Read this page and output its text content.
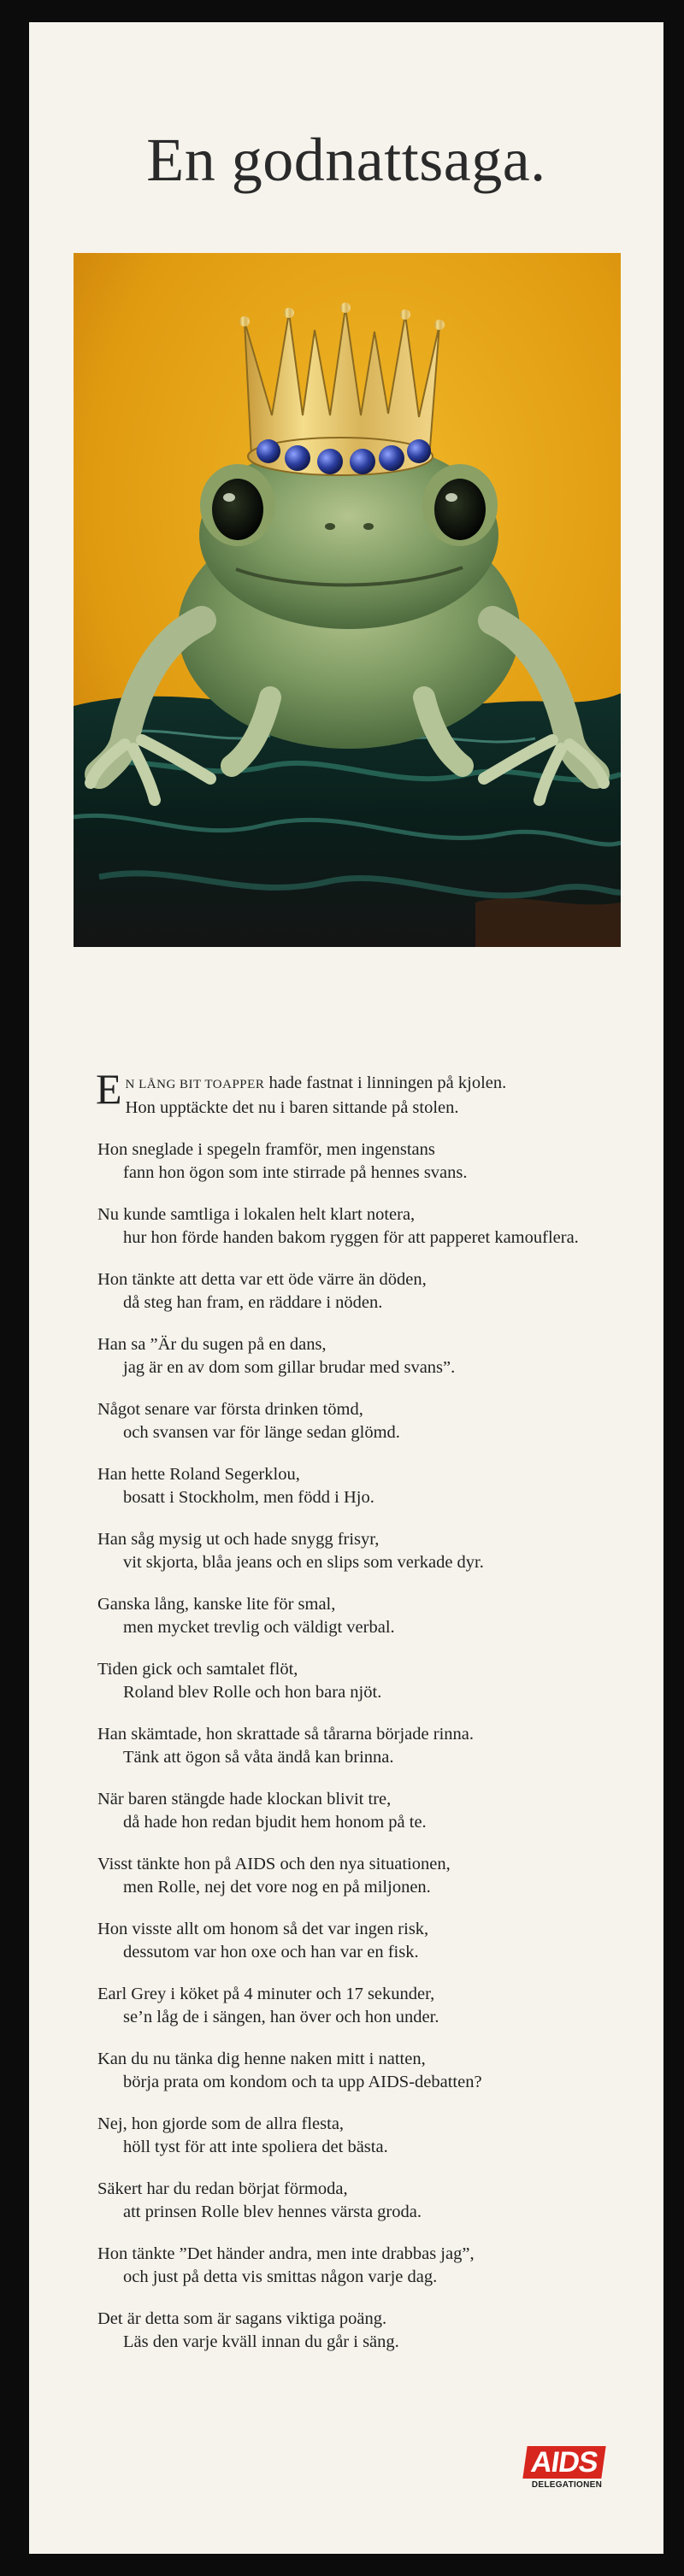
En godnattsaga.

E N LÅNG BIT TOAPPER hade fastnat i linningen på kjolen.
Hon upptäckte det nu i baren sittande på stolen.

Hon sneglade i spegeln framför, men ingenstans
fann hon ögon som inte stirrade på hennes svans.

Nu kunde samtliga i lokalen helt klart notera,
hur hon förde handen bakom ryggen för att papperet kamouflera.

Hon tänkte att detta var ett öde värre än döden,
då steg han fram, en räddare i nöden.

Han sa ”Är du sugen på en dans,
jag är en av dom som gillar brudar med svans”.

Något senare var första drinken tömd,
och svansen var för länge sedan glömd.

Han hette Roland Segerklou,
bosatt i Stockholm, men född i Hjo.

Han såg mysig ut och hade snygg frisyr,
vit skjorta, blåa jeans och en slips som verkade dyr.

Ganska lång, kanske lite för smal,
men mycket trevlig och väldigt verbal.

Tiden gick och samtalet flöt,
Roland blev Rolle och hon bara njöt.

Han skämtade, hon skrattade så tårarna började rinna.
Tänk att ögon så våta ändå kan brinna.

När baren stängde hade klockan blivit tre,
då hade hon redan bjudit hem honom på te.

Visst tänkte hon på AIDS och den nya situationen,
men Rolle, nej det vore nog en på miljonen.

Hon visste allt om honom så det var ingen risk,
dessutom var hon oxe och han var en fisk.

Earl Grey i köket på 4 minuter och 17 sekunder,
se’n låg de i sängen, han över och hon under.

Kan du nu tänka dig henne naken mitt i natten,
börja prata om kondom och ta upp AIDS-debatten?

Nej, hon gjorde som de allra flesta,
höll tyst för att inte spoliera det bästa.

Säkert har du redan börjat förmoda,
att prinsen Rolle blev hennes värsta groda.

Hon tänkte ”Det händer andra, men inte drabbas jag”,
och just på detta vis smittas någon varje dag.

Det är detta som är sagans viktiga poäng.
Läs den varje kväll innan du går i säng.

AIDS
DELEGATIONEN
